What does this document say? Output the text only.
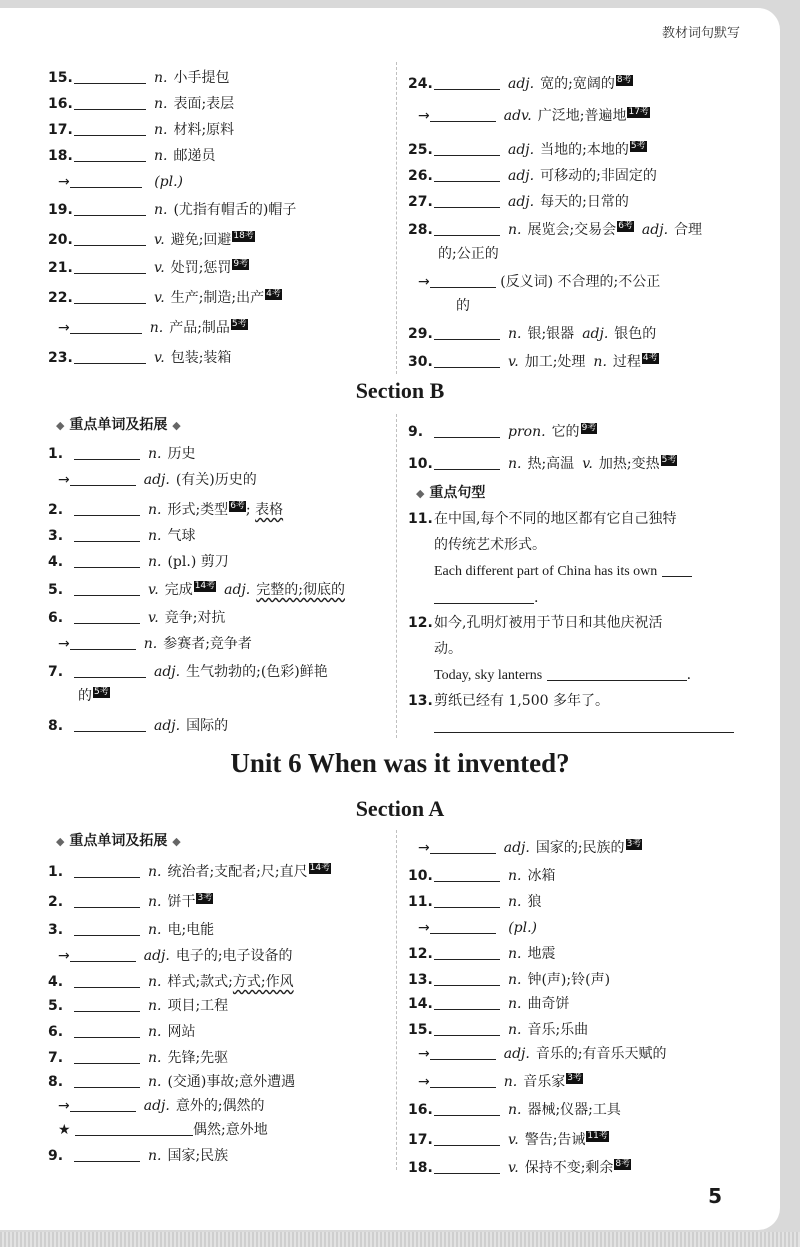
教材词句默写
15.	n. 小手提包
16.	n. 表面;表层
17.	n. 材料;原料
18.	n. 邮递员
→	(pl.)
19.	n. (尤指有帽舌的)帽子
20.	v. 避免;回避 18考
21.	v. 处罚;惩罚 9考
22.	v. 生产;制造;出产 4考
→	n. 产品;制品 5考
23.	v. 包装;装箱
24.	adj. 宽的;宽阔的 8考
→	adv. 广泛地;普遍地 17考
25.	adj. 当地的;本地的 5考
26.	adj. 可移动的;非固定的
27.	adj. 每天的;日常的
28.	n. 展览会;交易会 6考 adj. 合理
的;公正的
→	(反义词) 不合理的;不公正
的
29.	n. 银;银器 adj. 银色的
30.	v. 加工;处理 n. 过程 4考
Section B
◆ 重点单词及拓展 ◆
1.	n. 历史
→	adj. (有关)历史的
2.	n. 形式;类型 6考; 表格
3.	n. 气球
4.	n. (pl.) 剪刀
5.	v. 完成 14考 adj. 完整的;彻底的
6.	v. 竞争;对抗
→	n. 参赛者;竞争者
7.	adj. 生气勃勃的;(色彩)鲜艳
的 5考
8.	adj. 国际的
9.	pron. 它的 9考
10.	n. 热;高温 v. 加热;变热 5考
◆ 重点句型
11.在中国,每个不同的地区都有它自己独特
的传统艺术形式。
Each different part of China has its own
.
12.如今,孔明灯被用于节日和其他庆祝活
动。
Today, sky lanterns	.
13.剪纸已经有 1,500 多年了。
Unit 6 When was it invented?
Section A
◆ 重点单词及拓展 ◆
1.	n. 统治者;支配者;尺;直尺 14考
2.	n. 饼干 3考
3.	n. 电;电能
→	adj. 电子的;电子设备的
4.	n. 样式;款式;方式;作风
5.	n. 项目;工程
6.	n. 网站
7.	n. 先锋;先驱
8.	n. (交通)事故;意外遭遇
→	adj. 意外的;偶然的
★	偶然;意外地
9.	n. 国家;民族
→	adj. 国家的;民族的 3考
10.	n. 冰箱
11.	n. 狼
→	(pl.)
12.	n. 地震
13.	n. 钟(声);铃(声)
14.	n. 曲奇饼
15.	n. 音乐;乐曲
→	adj. 音乐的;有音乐天赋的
→	n. 音乐家 3考
16.	n. 器械;仪器;工具
17.	v. 警告;告诫 11考
18.	v. 保持不变;剩余 8考
5
